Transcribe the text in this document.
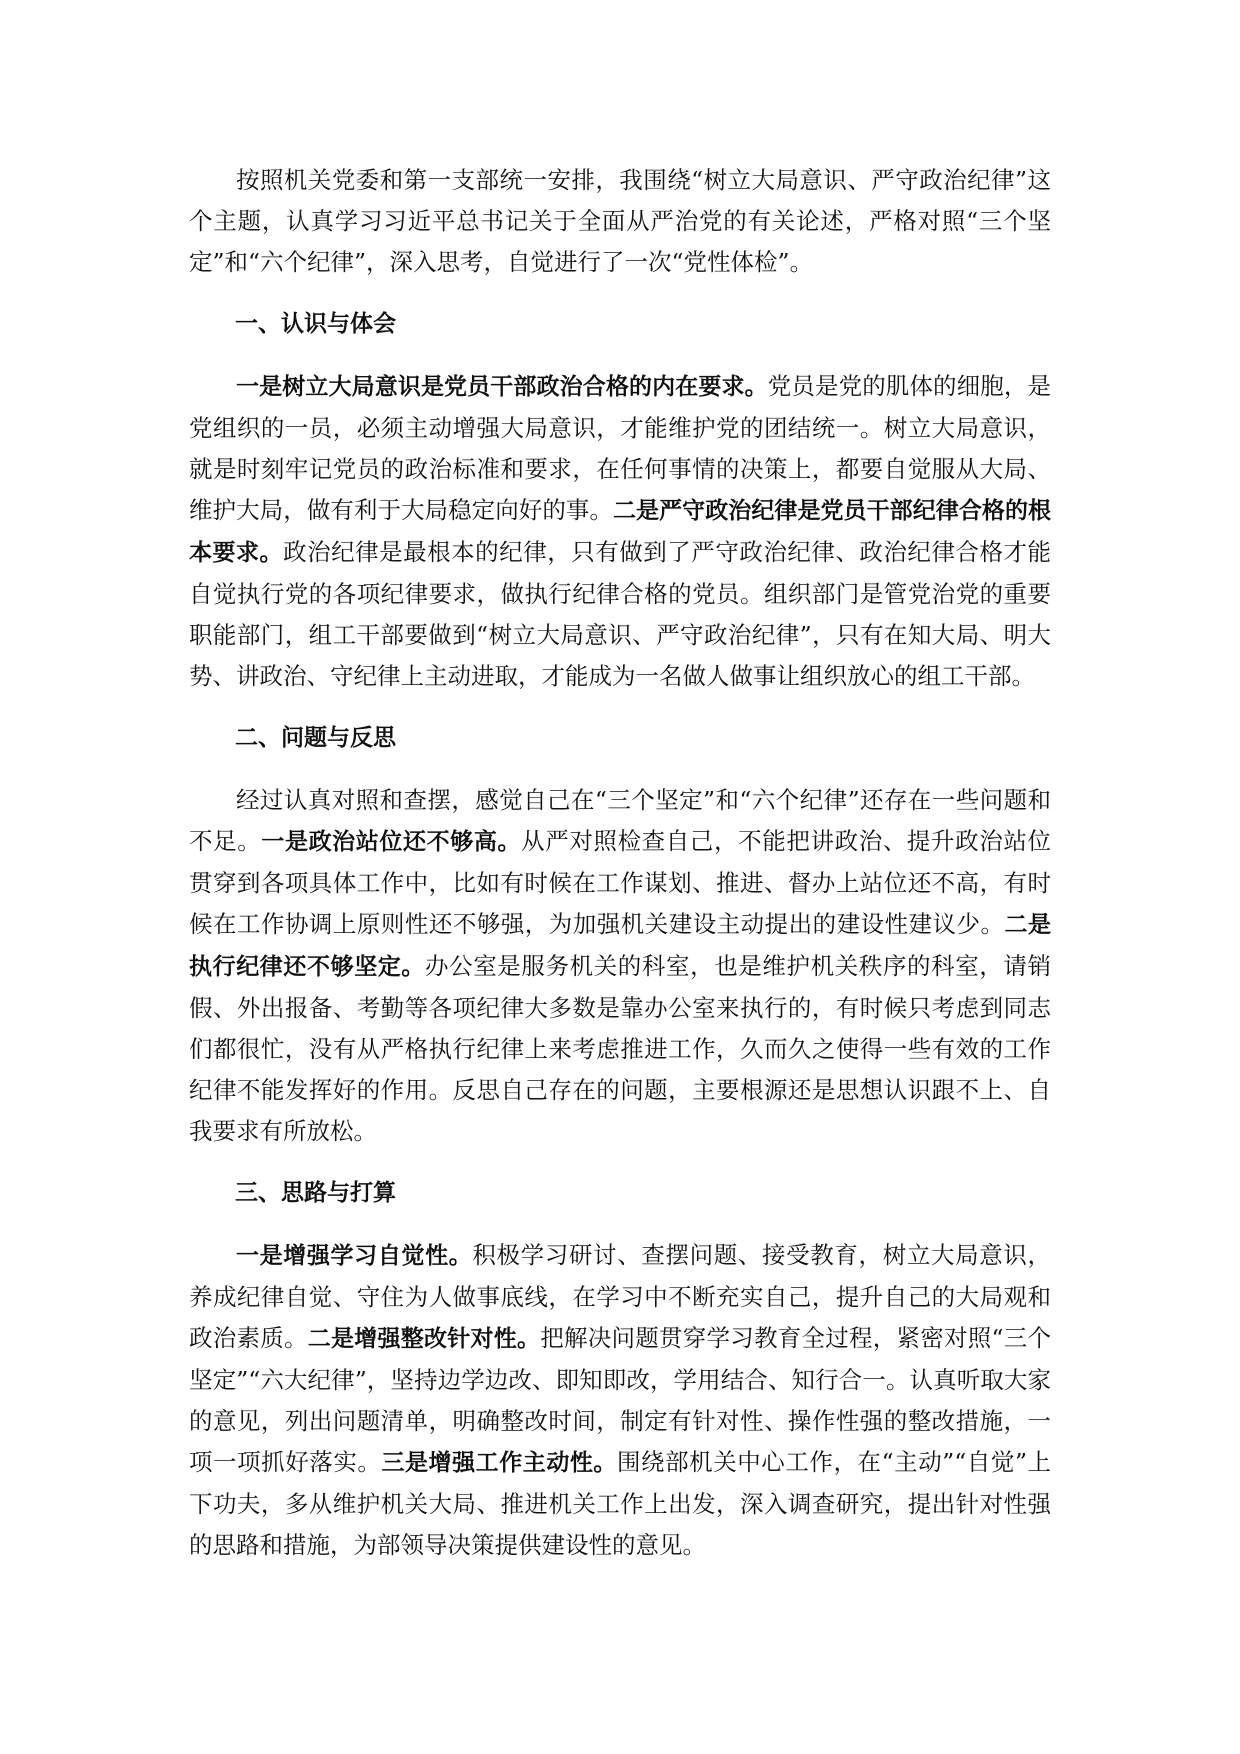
按照机关党委和第一支部统一安排，我围绕“树立大局意识、严守政治纪律”这个主题，认真学习习近平总书记关于全面从严治党的有关论述，严格对照“三个坚定”和“六个纪律”，深入思考，自觉进行了一次“党性体检”。

一、认识与体会

一是树立大局意识是党员干部政治合格的内在要求。党员是党的肌体的细胞，是党组织的一员，必须主动增强大局意识，才能维护党的团结统一。树立大局意识，就是时刻牢记党员的政治标准和要求，在任何事情的决策上，都要自觉服从大局、维护大局，做有利于大局稳定向好的事。二是严守政治纪律是党员干部纪律合格的根本要求。政治纪律是最根本的纪律，只有做到了严守政治纪律、政治纪律合格才能自觉执行党的各项纪律要求，做执行纪律合格的党员。组织部门是管党治党的重要职能部门，组工干部要做到“树立大局意识、严守政治纪律”，只有在知大局、明大势、讲政治、守纪律上主动进取，才能成为一名做人做事让组织放心的组工干部。

二、问题与反思

经过认真对照和查摆，感觉自己在“三个坚定”和“六个纪律”还存在一些问题和不足。一是政治站位还不够高。从严对照检查自己，不能把讲政治、提升政治站位贯穿到各项具体工作中，比如有时候在工作谋划、推进、督办上站位还不高，有时候在工作协调上原则性还不够强，为加强机关建设主动提出的建设性建议少。二是执行纪律还不够坚定。办公室是服务机关的科室，也是维护机关秩序的科室，请销假、外出报备、考勤等各项纪律大多数是靠办公室来执行的，有时候只考虑到同志们都很忙，没有从严格执行纪律上来考虑推进工作，久而久之使得一些有效的工作纪律不能发挥好的作用。反思自己存在的问题，主要根源还是思想认识跟不上、自我要求有所放松。

三、思路与打算

一是增强学习自觉性。积极学习研讨、查摆问题、接受教育，树立大局意识，养成纪律自觉、守住为人做事底线，在学习中不断充实自己，提升自己的大局观和政治素质。二是增强整改针对性。把解决问题贯穿学习教育全过程，紧密对照“三个坚定”“六大纪律”，坚持边学边改、即知即改，学用结合、知行合一。认真听取大家的意见，列出问题清单，明确整改时间，制定有针对性、操作性强的整改措施，一项一项抓好落实。三是增强工作主动性。围绕部机关中心工作，在“主动”“自觉”上下功夫，多从维护机关大局、推进机关工作上出发，深入调查研究，提出针对性强的思路和措施，为部领导决策提供建设性的意见。
